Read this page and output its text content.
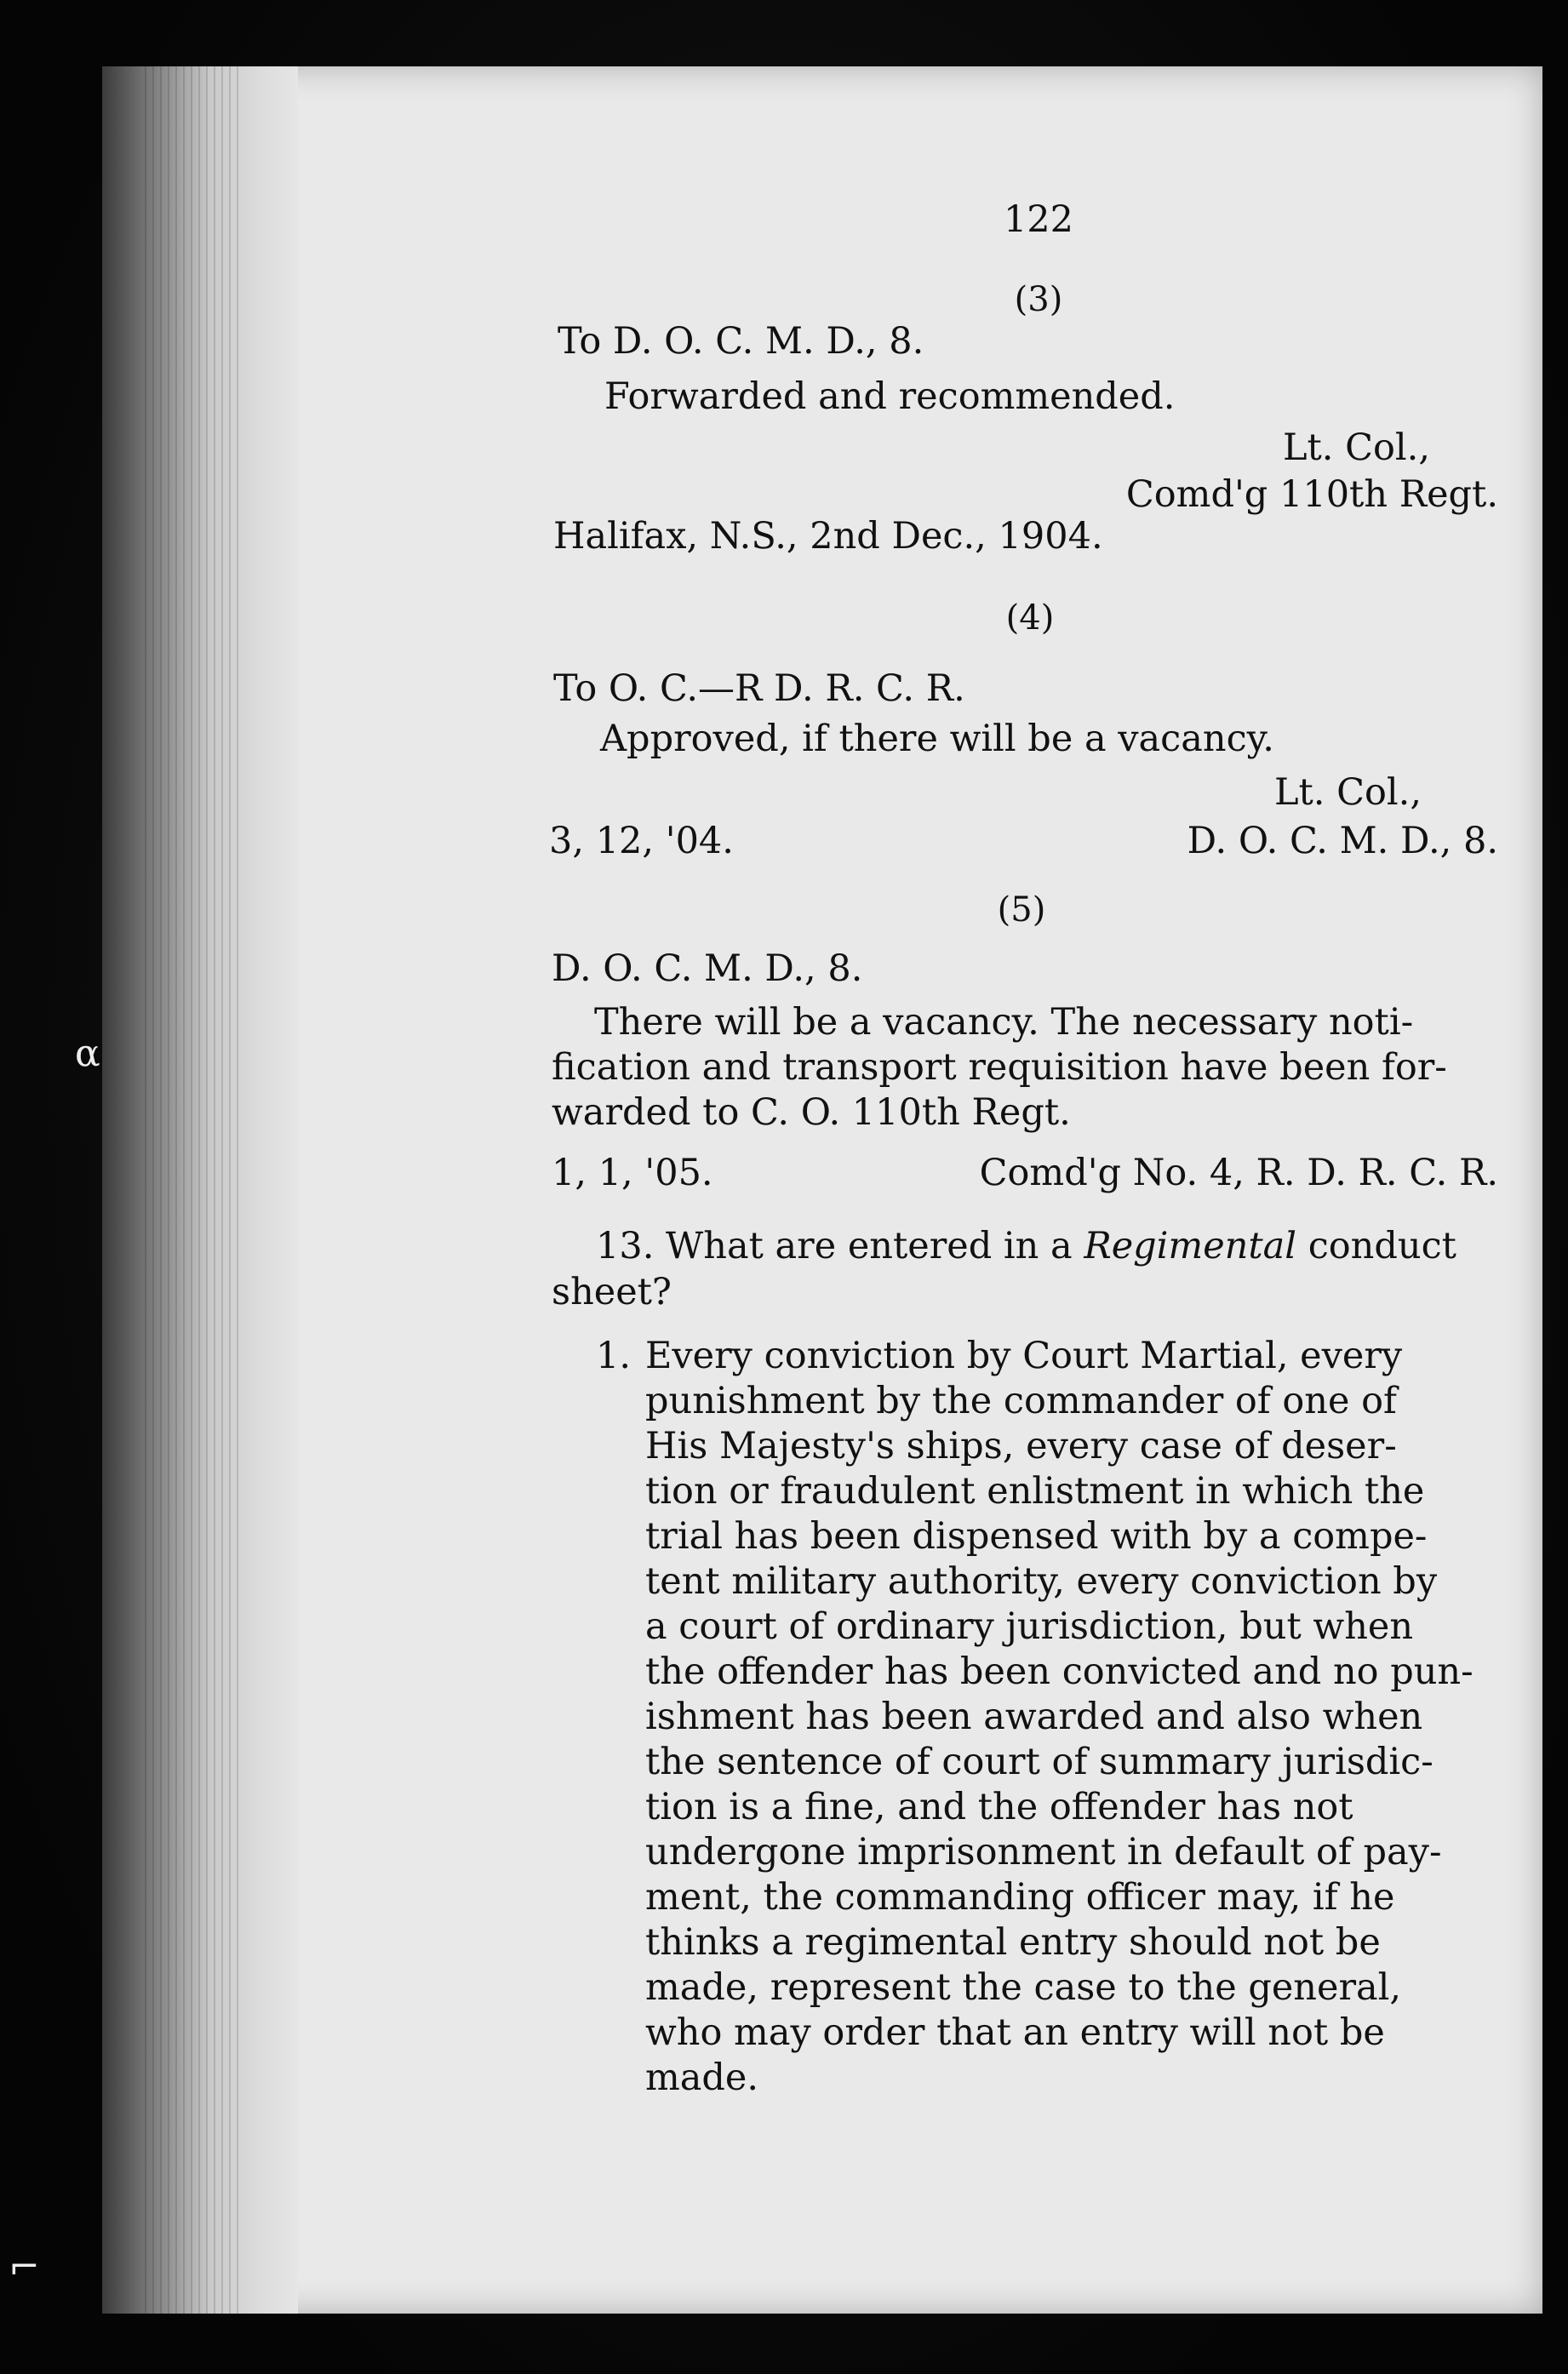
122
(3)
To D. O. C. M. D., 8.
Forwarded and recommended.
Lt. Col.,
Comd'g 110th Regt.
Halifax, N.S., 2nd Dec., 1904.
(4)
To O. C.—R D. R. C. R.
Approved, if there will be a vacancy.
Lt. Col.,
3, 12, '04.	D. O. C. M. D., 8.
(5)
D. O. C. M. D., 8.
There will be a vacancy. The necessary noti-
fication and transport requisition have been for-
warded to C. O. 110th Regt.
1, 1, '05.	Comd'g No. 4, R. D. R. C. R.
13. What are entered in a Regimental conduct
sheet?
1. Every conviction by Court Martial, every
punishment by the commander of one of
His Majesty's ships, every case of deser-
tion or fraudulent enlistment in which the
trial has been dispensed with by a compe-
tent military authority, every conviction by
a court of ordinary jurisdiction, but when
the offender has been convicted and no pun-
ishment has been awarded and also when
the sentence of court of summary jurisdic-
tion is a fine, and the offender has not
undergone imprisonment in default of pay-
ment, the commanding officer may, if he
thinks a regimental entry should not be
made, represent the case to the general,
who may order that an entry will not be
made.
α
⌐
